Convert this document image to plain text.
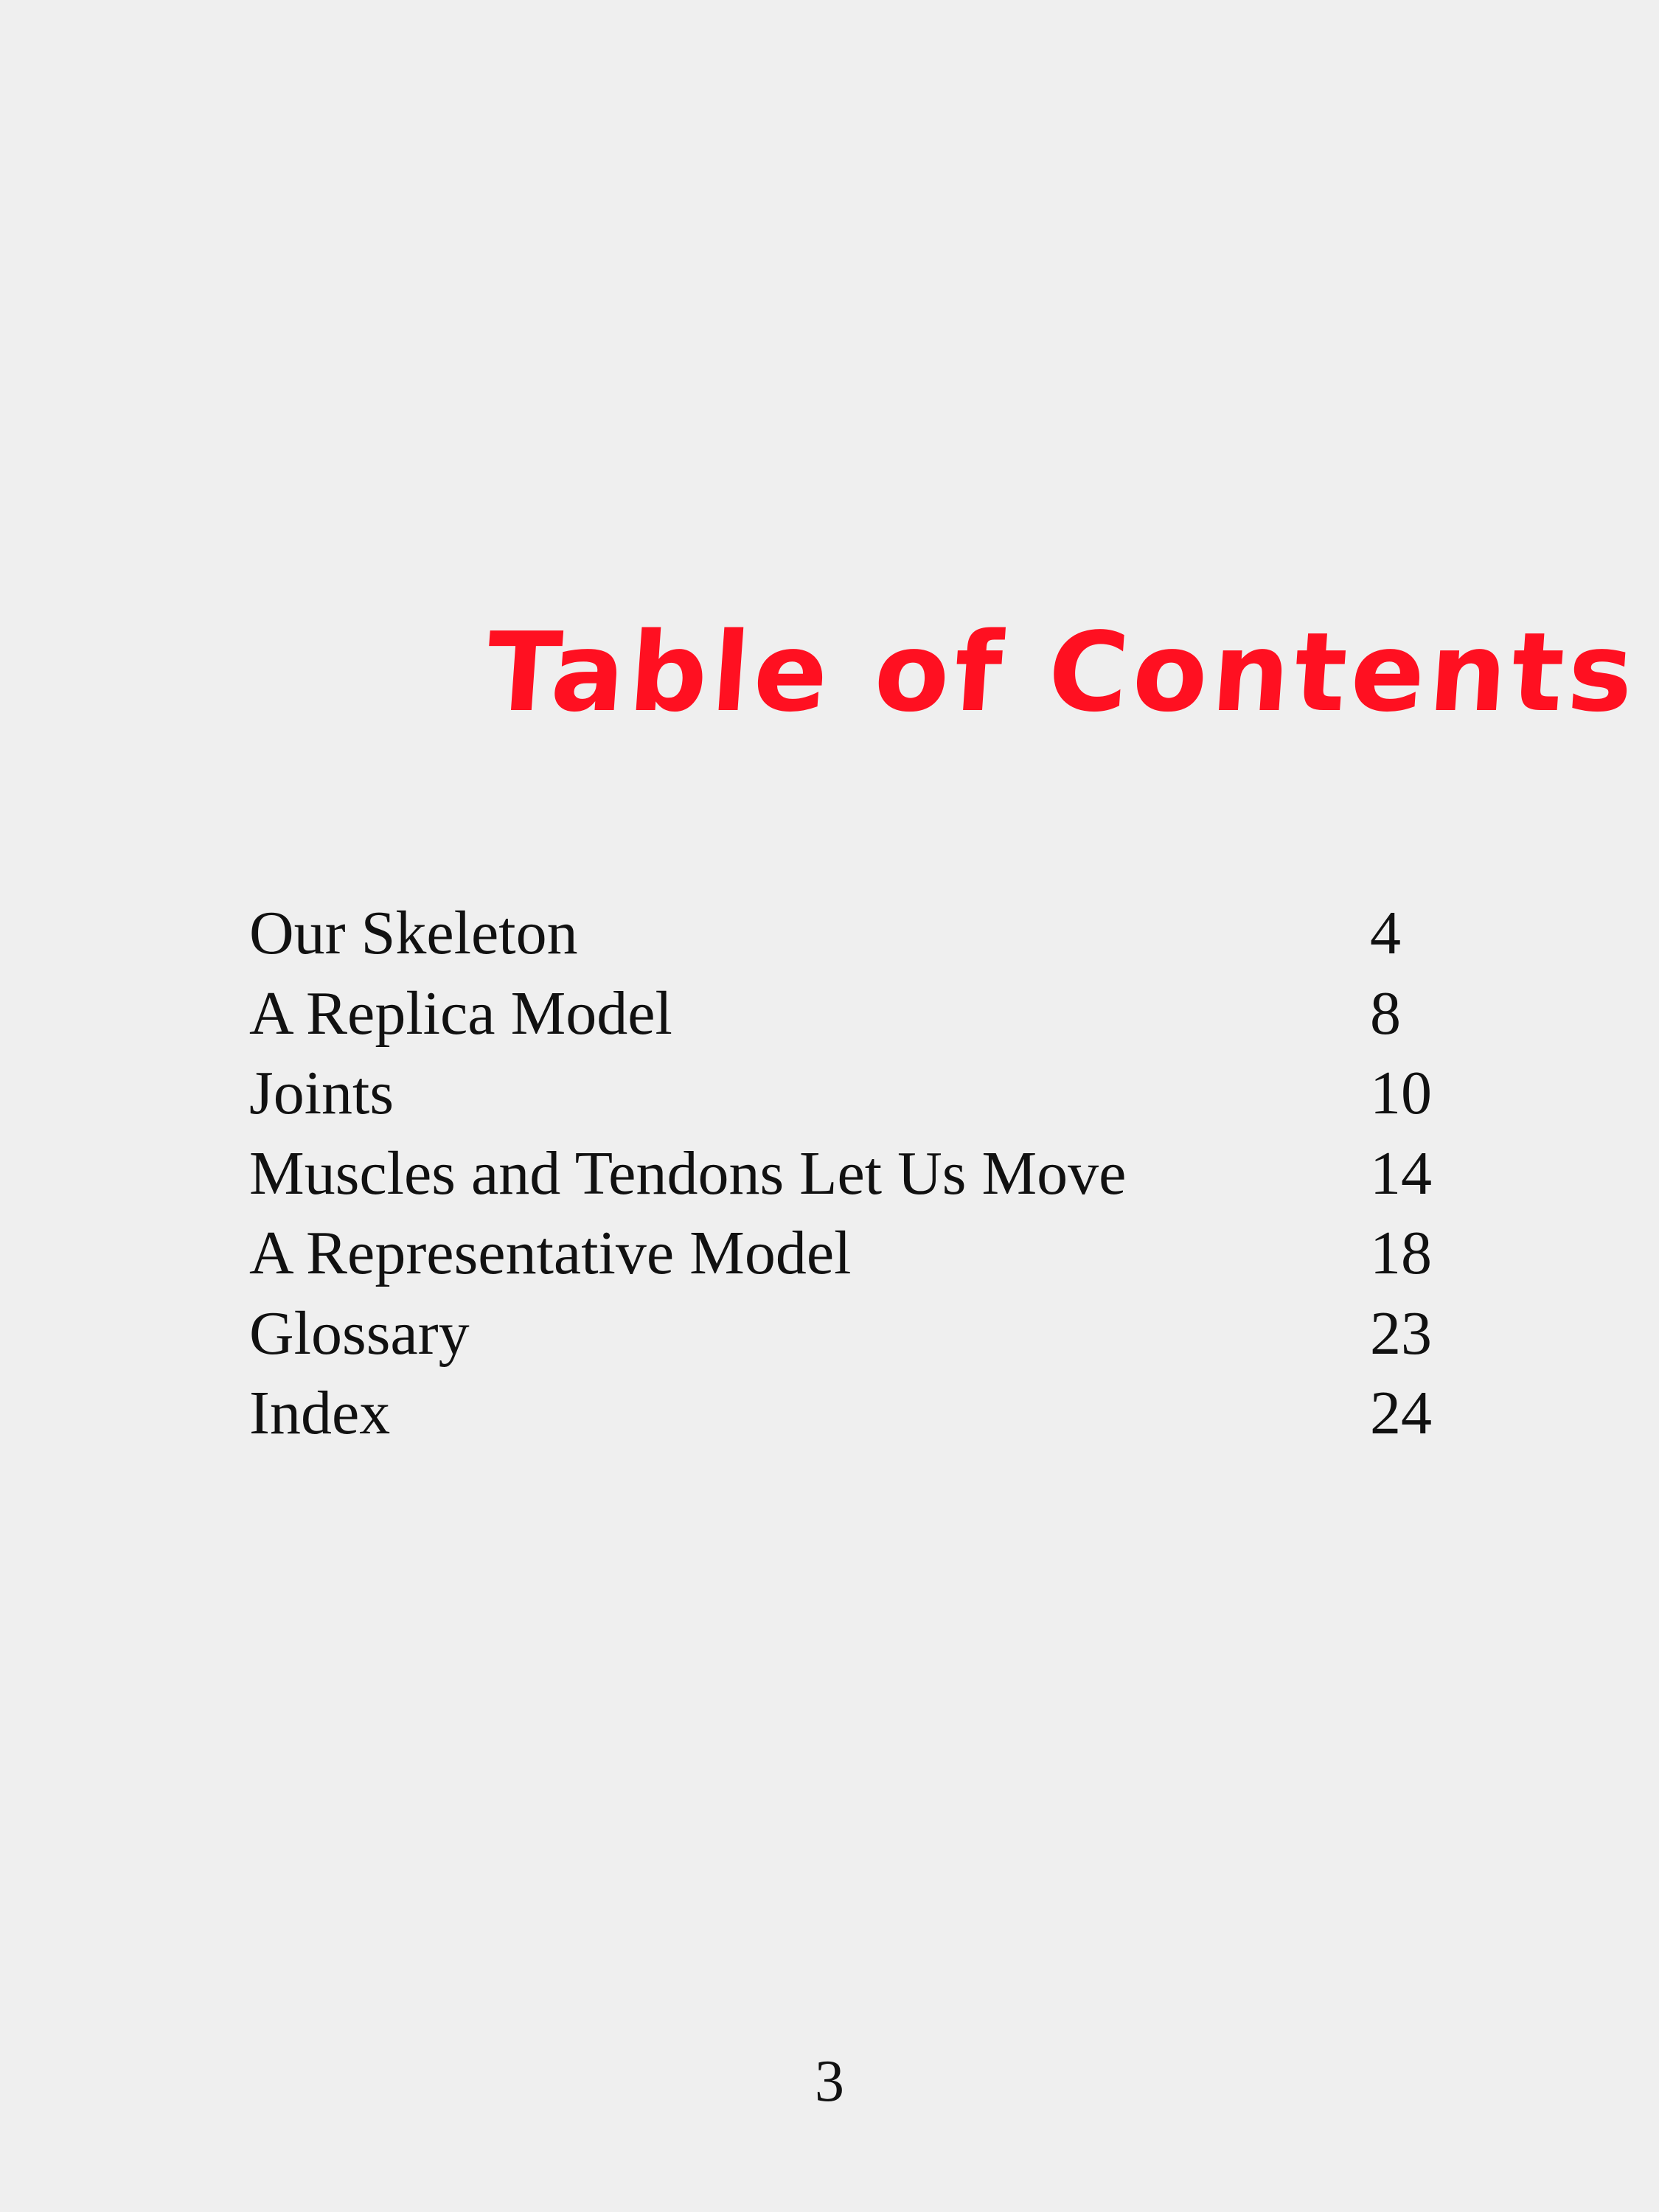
Table of Contents
Our Skeleton	4
A Replica Model	8
Joints	10
Muscles and Tendons Let Us Move	14
A Representative Model	18
Glossary	23
Index	24
3
